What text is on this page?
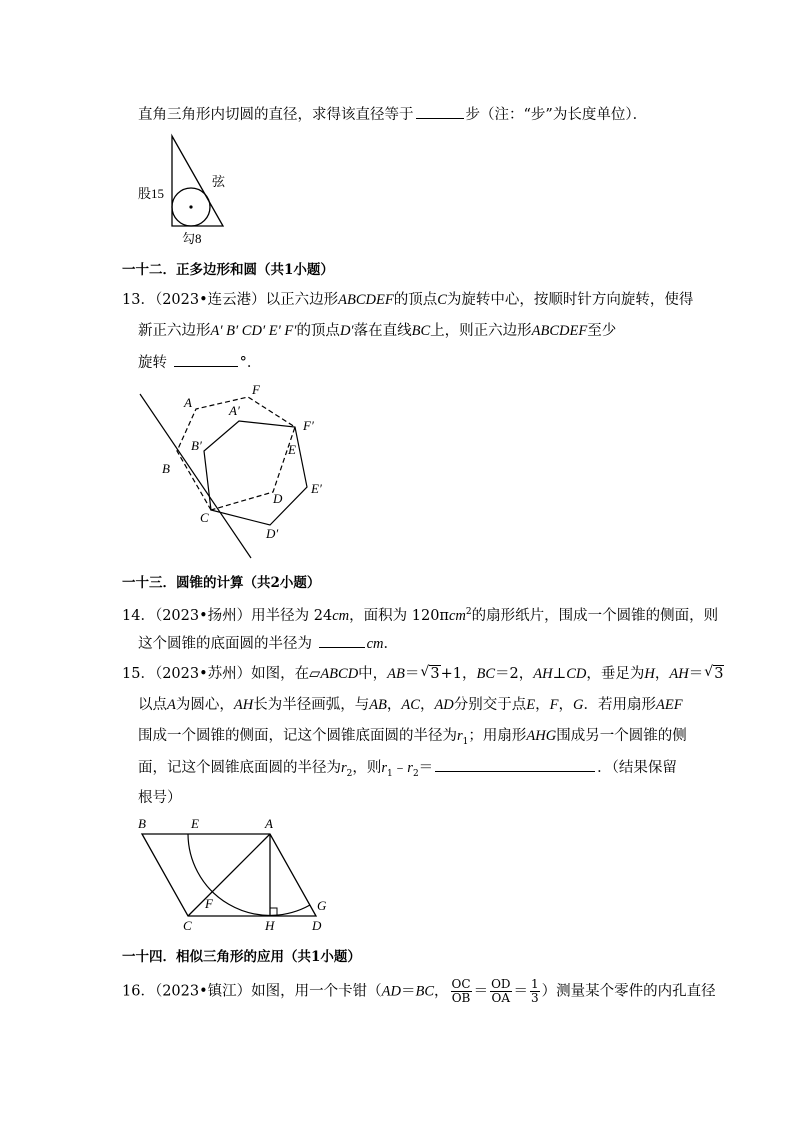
直角三角形内切圆的直径，求得该直径等于	步（注：“步”为长度单位）．
股15
弦
勾8
一十二．正多边形和圆（共1小题）
13．（2023•连云港）以正六边形ABCDEF的顶点C为旋转中心，按顺时针方向旋转，使得
新正六边形A′ B′ CD′ E′ F′的顶点D′落在直线BC上，则正六边形ABCDEF至少
旋转	°．
A
F
A′
F′
B′	E
B
E′
D
C
D′
一十三．圆锥的计算（共2小题）
14．（2023•扬州）用半径为 24cm，面积为 120πcm$^2$的扇形纸片，围成一个圆锥的侧面，则
这个圆锥的底面圆的半径为	cm．
15．（2023•苏州）如图，在▱ABCD中，AB＝ √ 3+1，BC＝2，AH⊥CD，垂足为H，AH＝ √ 3
以点A为圆心，AH长为半径画弧，与AB，AC，AD分别交于点E，F，G．若用扇形AEF
围成一个圆锥的侧面，记这个圆锥底面圆的半径为$r_1$；用扇形AHG围成另一个圆锥的侧
面，记这个圆锥底面圆的半径为$r_2$，则$r_1﹣r_2=$	．（结果保留
根号）
B	E	A
F	G
C	H	D
一十四．相似三角形的应用（共1小题）
16．（2023•镇江）如图，用一个卡钳（AD＝BC， $\frac{OC}{OB} = \frac{OD}{OA} = \frac{1}{3}$ ）测量某个零件的内孔直径
